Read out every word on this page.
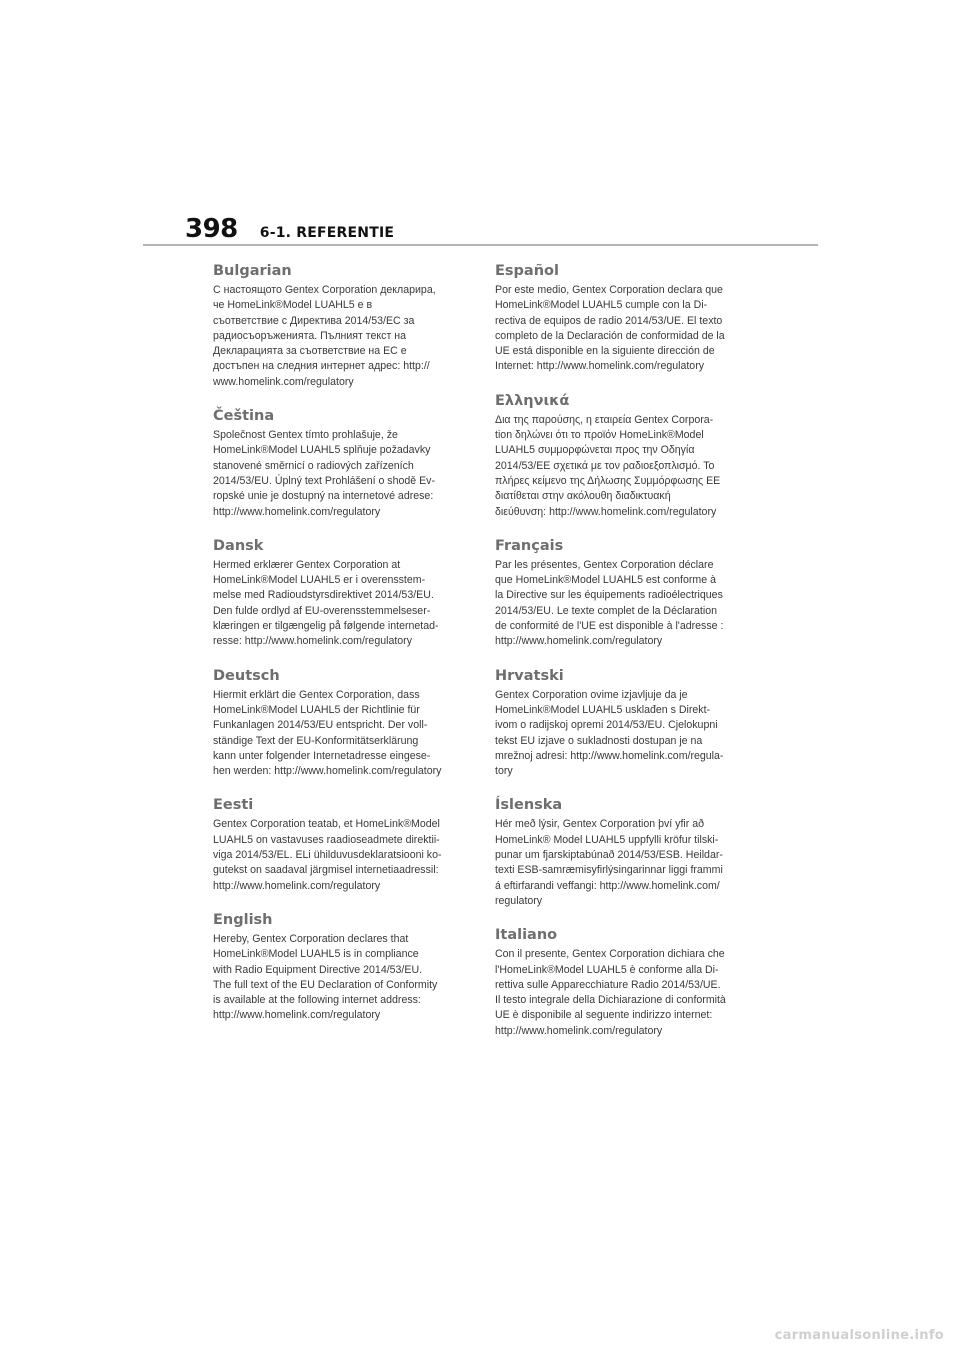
398 6-1. REFERENTIE
Bulgarian
С настоящото Gentex Corporation декларира,
че HomeLink®Model LUAHL5 е в
съответствие с Директива 2014/53/ЕС за
радиосъоръженията. Пълният текст на
Декларацията за съответствие на ЕС е
достъпен на следния интернет адрес: http://
www.homelink.com/regulatory
Čeština
Společnost Gentex tímto prohlašuje, že
HomeLink®Model LUAHL5 splňuje požadavky
stanovené směrnicí o radiových zařízeních
2014/53/EU. Úplný text Prohlášení o shodě Ev-
ropské unie je dostupný na internetové adrese:
http://www.homelink.com/regulatory
Dansk
Hermed erklærer Gentex Corporation at
HomeLink®Model LUAHL5 er i overensstem-
melse med Radioudstyrsdirektivet 2014/53/EU.
Den fulde ordlyd af EU-overensstemmelseser-
klæringen er tilgængelig på følgende internetad-
resse: http://www.homelink.com/regulatory
Deutsch
Hiermit erklärt die Gentex Corporation, dass
HomeLink®Model LUAHL5 der Richtlinie für
Funkanlagen 2014/53/EU entspricht. Der voll-
ständige Text der EU-Konformitätserklärung
kann unter folgender Internetadresse eingese-
hen werden: http://www.homelink.com/regulatory
Eesti
Gentex Corporation teatab, et HomeLink®Model
LUAHL5 on vastavuses raadioseadmete direktii-
viga 2014/53/EL. ELi ühilduvusdeklaratsiooni ko-
gutekst on saadaval järgmisel internetiaadressil:
http://www.homelink.com/regulatory
English
Hereby, Gentex Corporation declares that
HomeLink®Model LUAHL5 is in compliance
with Radio Equipment Directive 2014/53/EU.
The full text of the EU Declaration of Conformity
is available at the following internet address:
http://www.homelink.com/regulatory
Español
Por este medio, Gentex Corporation declara que
HomeLink®Model LUAHL5 cumple con la Di-
rectiva de equipos de radio 2014/53/UE. El texto
completo de la Declaración de conformidad de la
UE está disponible en la siguiente dirección de
Internet: http://www.homelink.com/regulatory
Ελληνικά
Δια της παρούσης, η εταιρεία Gentex Corpora-
tion δηλώνει ότι το προϊόν HomeLink®Model
LUAHL5 συμμορφώνεται προς την Οδηγία
2014/53/ΕΕ σχετικά με τον ραδιοεξοπλισμό. Το
πλήρες κείμενο της Δήλωσης Συμμόρφωσης ΕΕ
διατίθεται στην ακόλουθη διαδικτυακή
διεύθυνση: http://www.homelink.com/regulatory
Français
Par les présentes, Gentex Corporation déclare
que HomeLink®Model LUAHL5 est conforme à
la Directive sur les équipements radioélectriques
2014/53/EU. Le texte complet de la Déclaration
de conformité de l'UE est disponible à l'adresse :
http://www.homelink.com/regulatory
Hrvatski
Gentex Corporation ovime izjavljuje da je
HomeLink®Model LUAHL5 usklađen s Direkt-
ivom o radijskoj opremi 2014/53/EU. Cjelokupni
tekst EU izjave o sukladnosti dostupan je na
mrežnoj adresi: http://www.homelink.com/regula-
tory
Íslenska
Hér með lýsir, Gentex Corporation því yfir að
HomeLink® Model LUAHL5 uppfylli kröfur tilski-
punar um fjarskiptabúnað 2014/53/ESB. Heildar-
texti ESB-samræmisyfirlýsingarinnar liggi frammi
á eftirfarandi veffangi: http://www.homelink.com/
regulatory
Italiano
Con il presente, Gentex Corporation dichiara che
l'HomeLink®Model LUAHL5 è conforme alla Di-
rettiva sulle Apparecchiature Radio 2014/53/UE.
Il testo integrale della Dichiarazione di conformità
UE è disponibile al seguente indirizzo internet:
http://www.homelink.com/regulatory
carmanualsonline.info
